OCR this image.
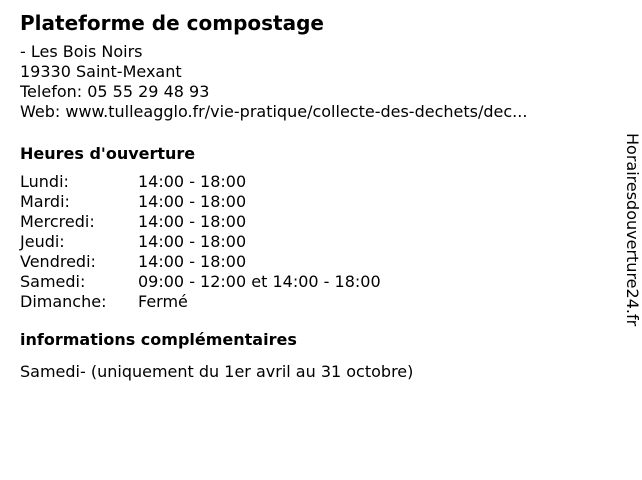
Plateforme de compostage
- Les Bois Noirs
19330 Saint-Mexant
Telefon: 05 55 29 48 93
Web: www.tulleagglo.fr/vie-pratique/collecte-des-dechets/dec...
Heures d'ouverture
Lundi:	14:00 - 18:00
Mardi:	14:00 - 18:00
Mercredi:	14:00 - 18:00
Jeudi:	14:00 - 18:00
Vendredi:	14:00 - 18:00
Samedi:	09:00 - 12:00 et 14:00 - 18:00
Dimanche:	Fermé
informations complémentaires
Samedi- (uniquement du 1er avril au 31 octobre)
Horairesdouverture24.fr
